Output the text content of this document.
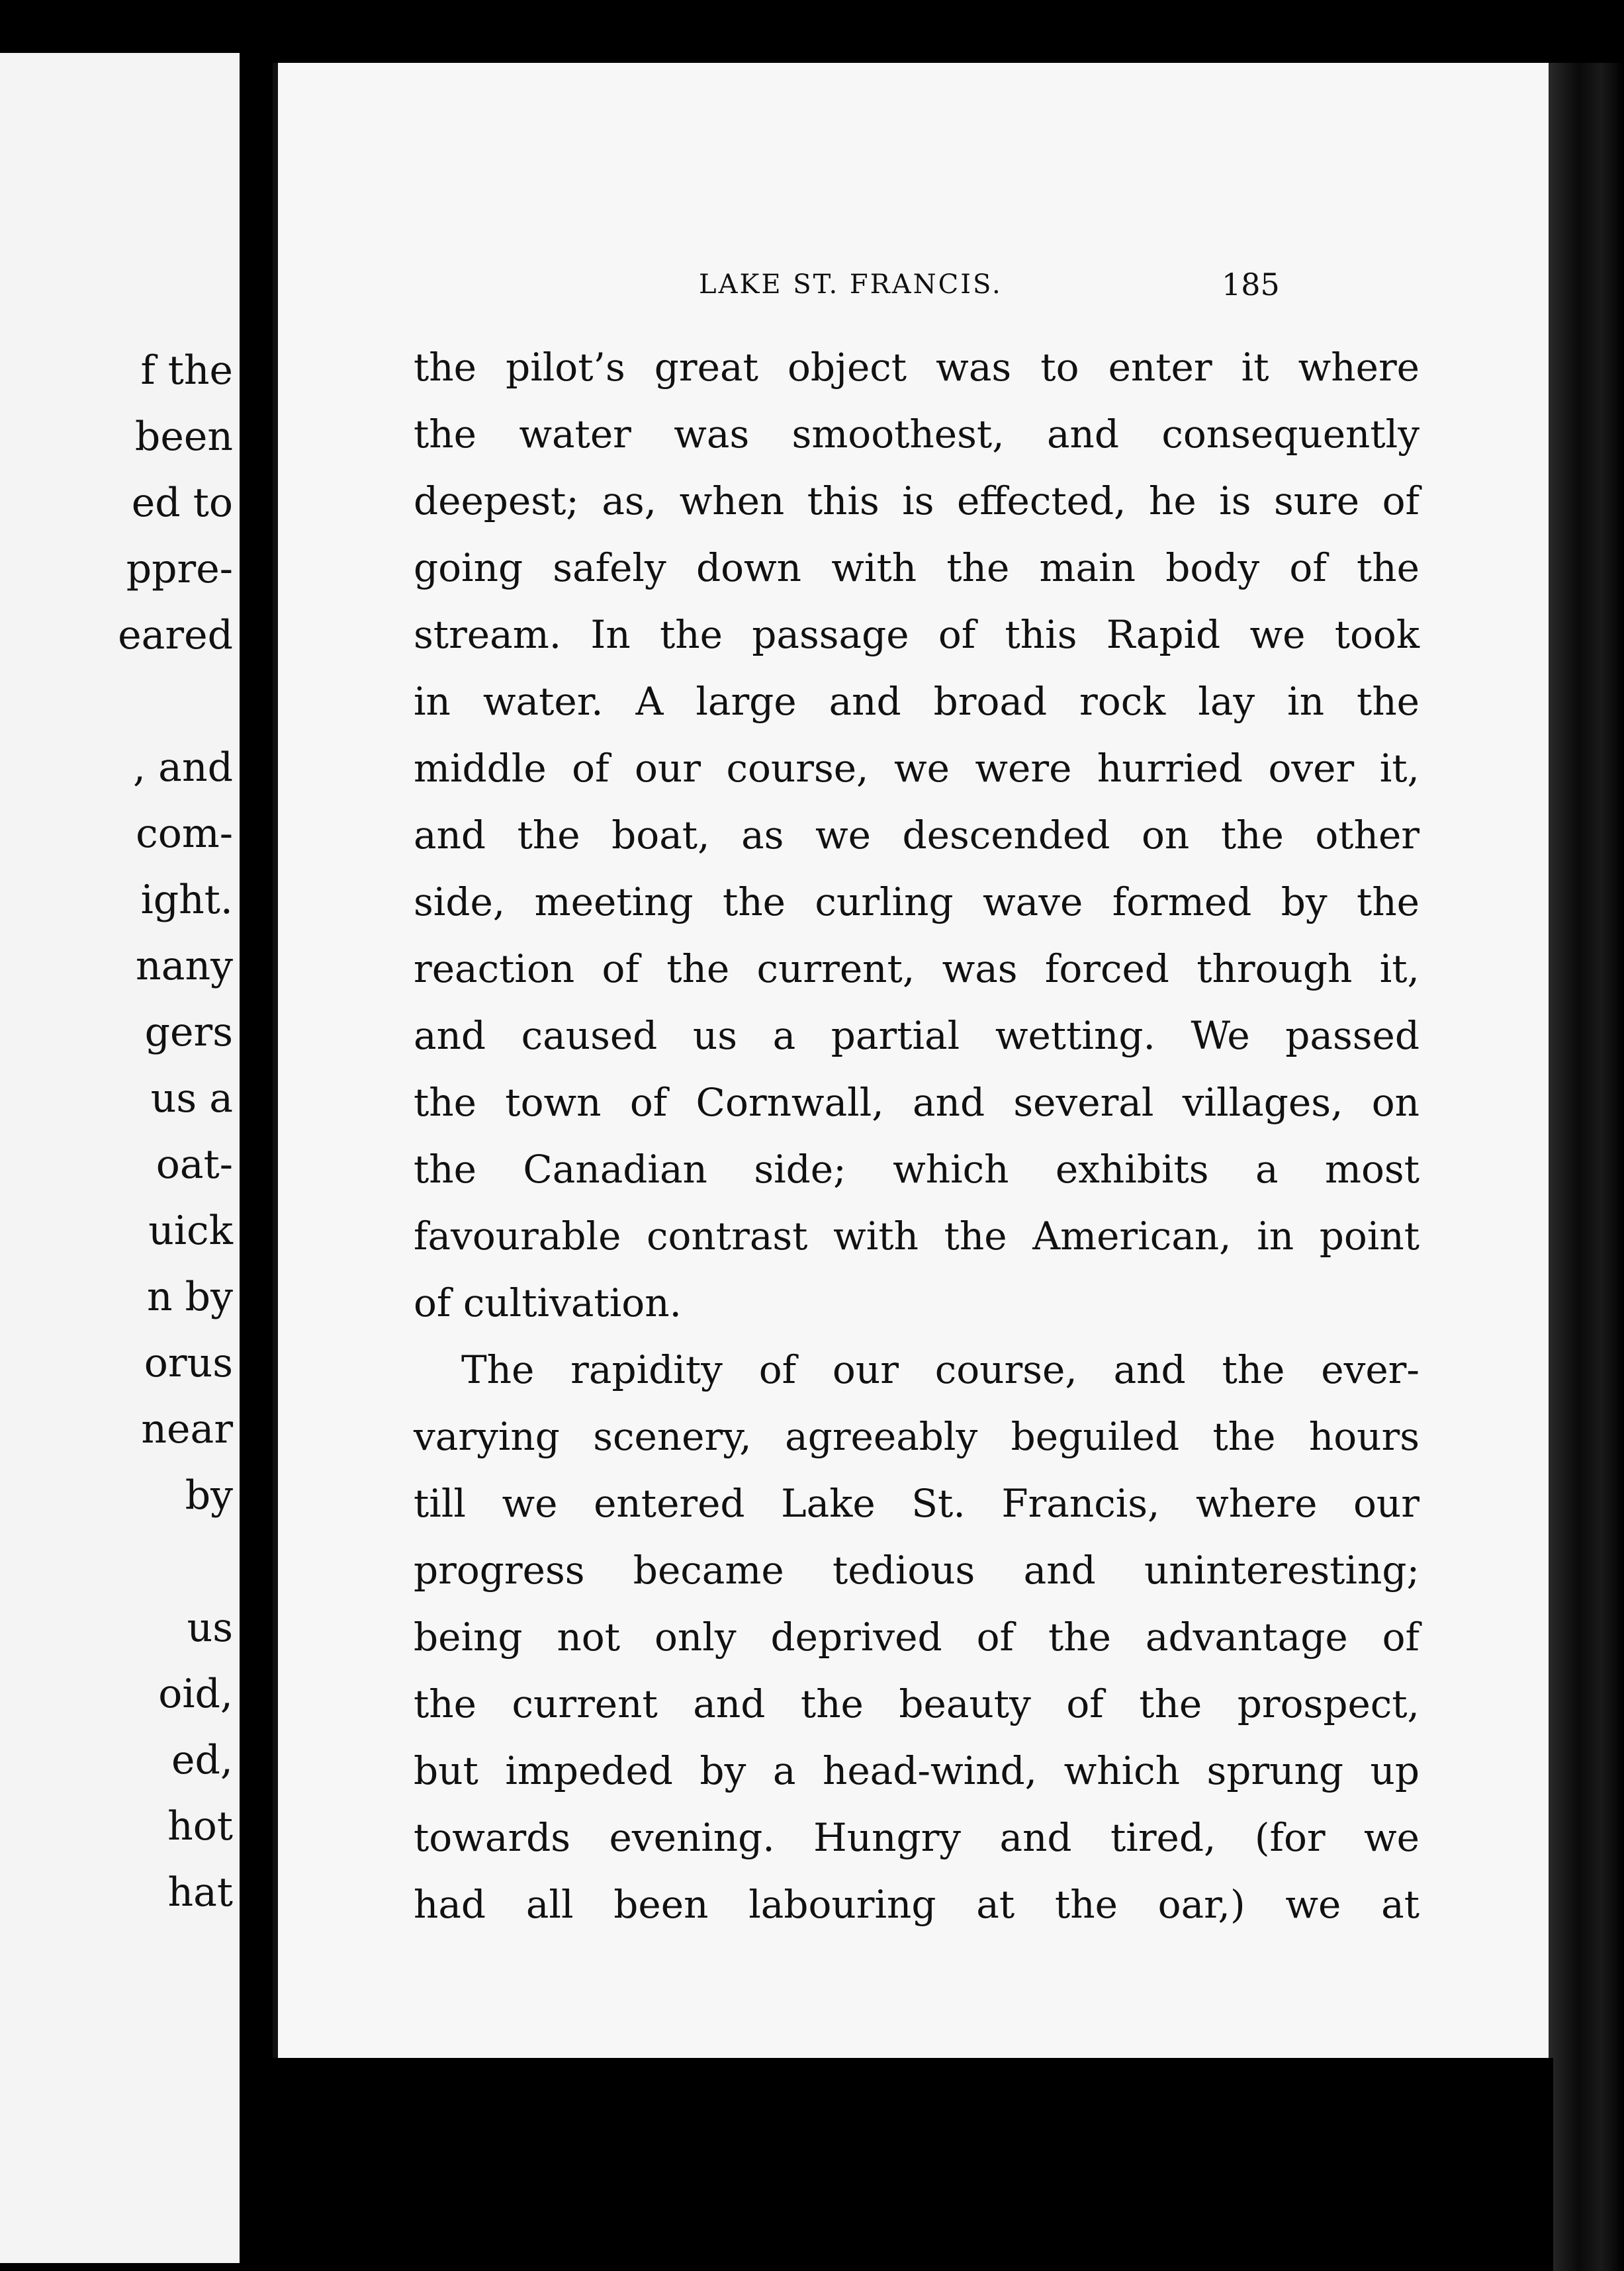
f the

been

ed to

ppre-

eared

, and

com-

ight.

nany

gers

us a

oat-

uick

n by

orus

near

by

us

oid,

ed,

hot

hat

LAKE ST. FRANCIS.	185

the pilot’s great object was to enter it where

the water was smoothest, and consequently

deepest; as, when this is effected, he is sure of

going safely down with the main body of the

stream. In the passage of this Rapid we took

in water. A large and broad rock lay in the

middle of our course, we were hurried over it,

and the boat, as we descended on the other

side, meeting the curling wave formed by the

reaction of the current, was forced through it,

and caused us a partial wetting. We passed

the town of Cornwall, and several villages, on

the Canadian side; which exhibits a most

favourable contrast with the American, in point

of cultivation.

The rapidity of our course, and the ever-

varying scenery, agreeably beguiled the hours

till we entered Lake St. Francis, where our

progress became tedious and uninteresting;

being not only deprived of the advantage of

the current and the beauty of the prospect,

but impeded by a head-wind, which sprung up

towards evening. Hungry and tired, (for we

had all been labouring at the oar,) we at
